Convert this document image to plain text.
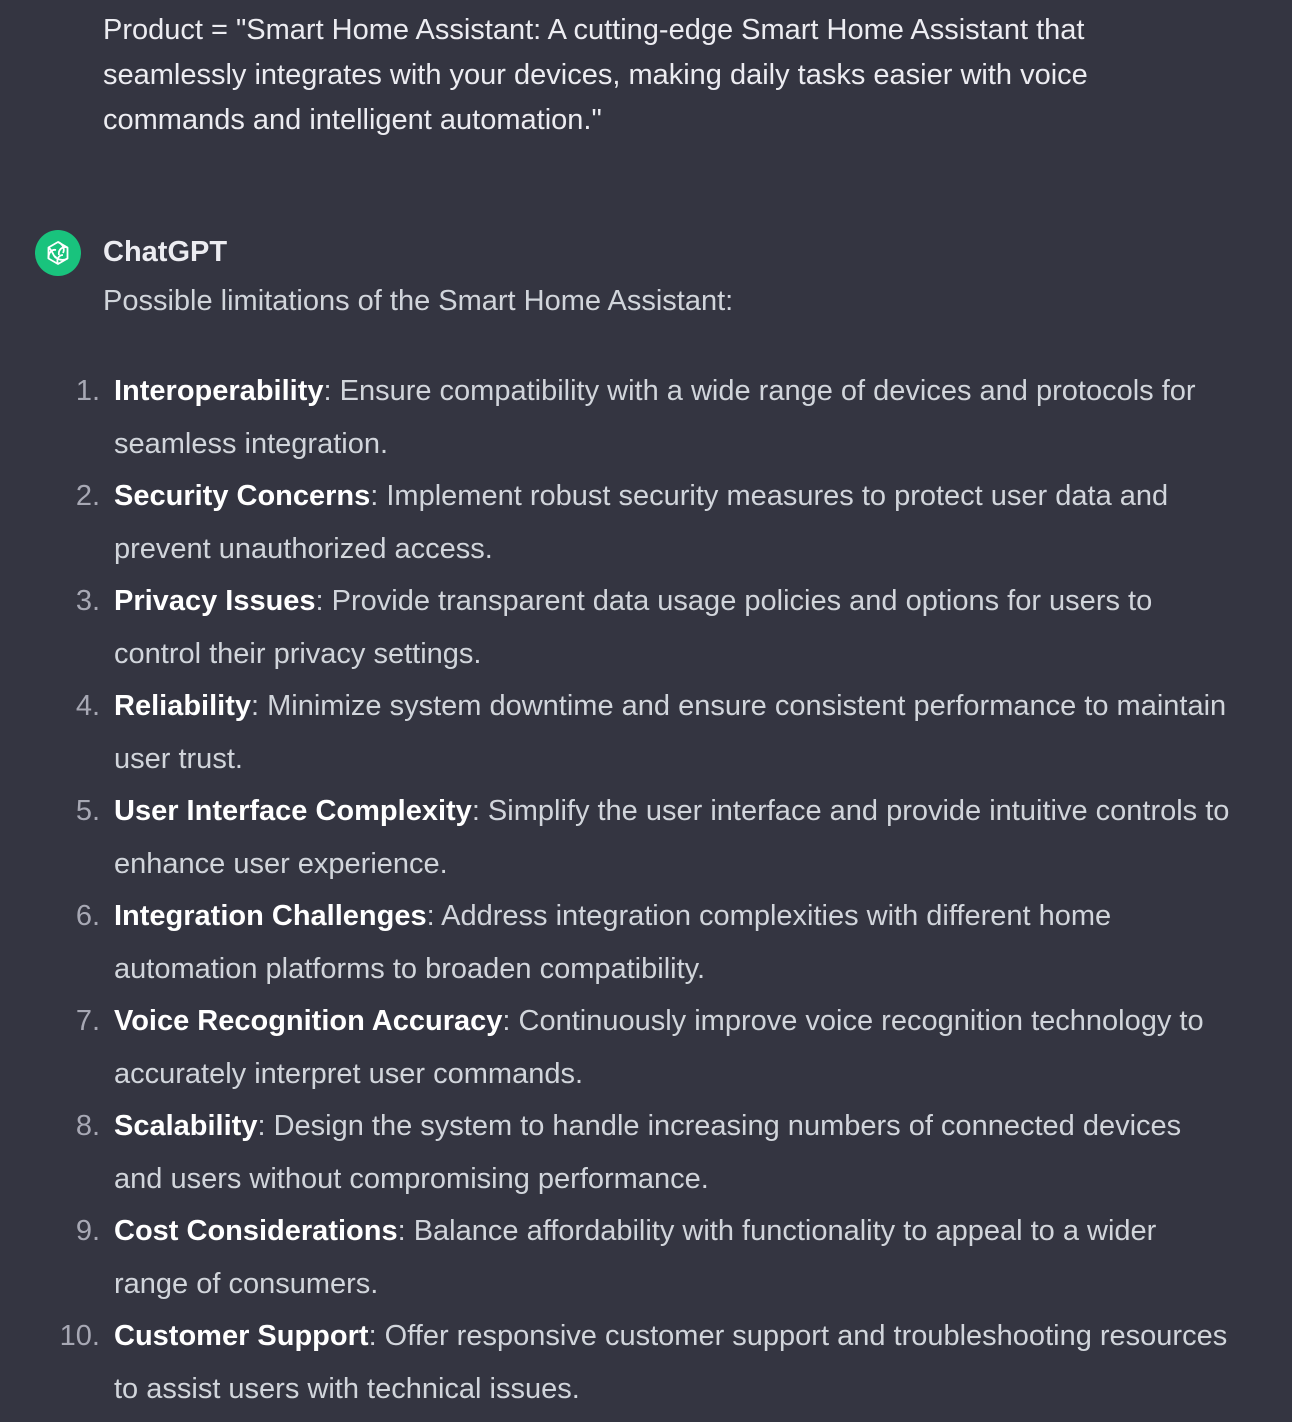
Product = "Smart Home Assistant: A cutting-edge Smart Home Assistant that seamlessly integrates with your devices, making daily tasks easier with voice commands and intelligent automation."
ChatGPT
Possible limitations of the Smart Home Assistant:
1. Interoperability: Ensure compatibility with a wide range of devices and protocols for seamless integration.
2. Security Concerns: Implement robust security measures to protect user data and prevent unauthorized access.
3. Privacy Issues: Provide transparent data usage policies and options for users to control their privacy settings.
4. Reliability: Minimize system downtime and ensure consistent performance to maintain user trust.
5. User Interface Complexity: Simplify the user interface and provide intuitive controls to enhance user experience.
6. Integration Challenges: Address integration complexities with different home automation platforms to broaden compatibility.
7. Voice Recognition Accuracy: Continuously improve voice recognition technology to accurately interpret user commands.
8. Scalability: Design the system to handle increasing numbers of connected devices and users without compromising performance.
9. Cost Considerations: Balance affordability with functionality to appeal to a wider range of consumers.
10. Customer Support: Offer responsive customer support and troubleshooting resources to assist users with technical issues.
